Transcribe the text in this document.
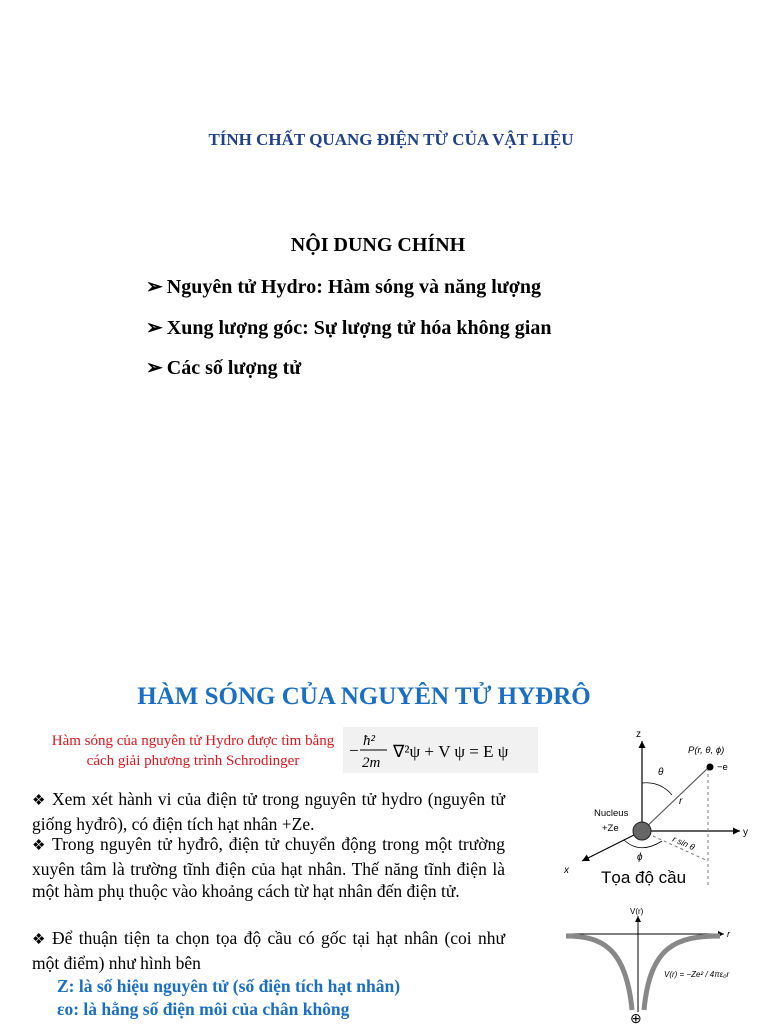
TÍNH CHẤT QUANG ĐIỆN TỪ CỦA VẬT LIỆU
NỘI DUNG CHÍNH
➢ Nguyên tử Hydro: Hàm sóng và năng lượng
➢ Xung lượng góc: Sự lượng tử hóa không gian
➢ Các số lượng tử
HÀM SÓNG CỦA NGUYÊN TỬ HYĐRÔ
Hàm sóng của nguyên tử Hydro được tìm bằng cách giải phương trình Schrodinger
− ħ²
2m
∇²ψ + V ψ = E ψ
❖ Xem xét hành vi của điện tử trong nguyên tử hydro (nguyên tử giống hyđrô), có điện tích hạt nhân +Ze.
❖ Trong nguyên tử hyđrô, điện tử chuyển động trong một trường xuyên tâm là trường tĩnh điện của hạt nhân. Thế năng tĩnh điện là một hàm phụ thuộc vào khoảng cách từ hạt nhân đến điện tử.
❖ Để thuận tiện ta chọn tọa độ cầu có gốc tại hạt nhân (coi như một điểm) như hình bên
Z: là số hiệu nguyên tử (số điện tích hạt nhân)
εo: là hằng số điện môi của chân không
z
y
x
P(r, θ, ϕ)
−e
Nucleus
+Ze
θ
r
ϕ
r sin θ
Tọa độ cầu
V(r)
r
V(r) = −Ze² / 4πε₀r
⊕
